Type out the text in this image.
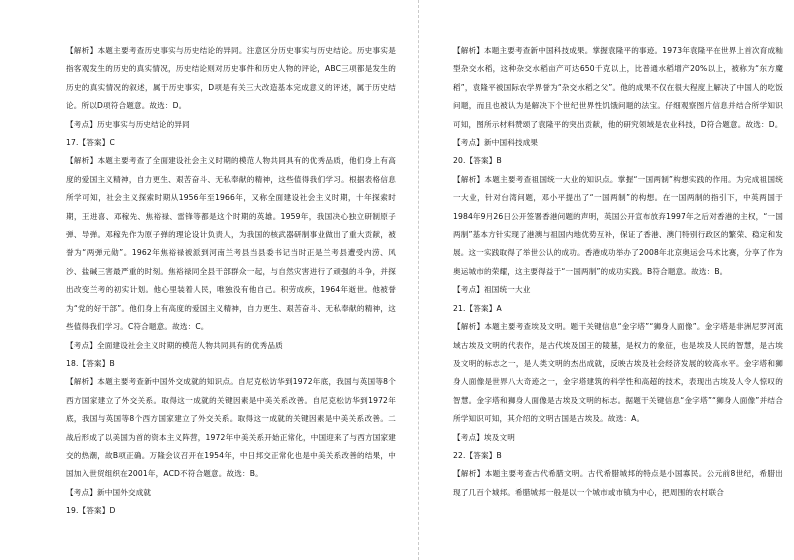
【解析】本题主要考查历史事实与历史结论的异同。注意区分历史事实与历史结论。历史事实是指客观发生的历史的真实情况，历史结论则对历史事件和历史人物的评论，ABC三项都是发生的历史的真实情况的叙述，属于历史事实，D项是有关三大改造基本完成意义的评述，属于历史结论。所以D项符合题意。故选：D。

【考点】历史事实与历史结论的异同

17.【答案】C

【解析】本题主要考查了全面建设社会主义时期的模范人物共同具有的优秀品质，他们身上有高度的爱国主义精神，自力更生、艰苦奋斗、无私奉献的精神，这些值得我们学习。根据表格信息所学可知，社会主义探索时期从1956年至1966年，又称全面建设社会主义时期，十年探索时期，王进喜、邓稼先、焦裕禄、雷锋等都是这个时期的英雄。1959年，我国决心独立研制原子弹、导弹。邓稼先作为原子弹的理论设计负责人，为我国的核武器研制事业做出了重大贡献，被誉为“两弹元勋”。1962年焦裕禄被派到河南兰考县当县委书记当时正是兰考县遭受内涝、风沙、盐碱三害最严重的时刻。焦裕禄同全县干部群众一起，与自然灾害进行了顽强的斗争，并探出改变兰考的初实计划。他心里装着人民，唯独没有他自己。积劳成疾，1964年逝世。他被誉为“党的好干部”。他们身上有高度的爱国主义精神，自力更生、艰苦奋斗、无私奉献的精神，这些值得我们学习。C符合题意。故选：C。

【考点】全面建设社会主义时期的模范人物共同具有的优秀品质

18.【答案】B

【解析】本题主要考查新中国外交成就的知识点。自尼克松访华到1972年底，我国与英国等8个西方国家建立了外交关系。取得这一成就的关键因素是中美关系改善。自尼克松访华到1972年底，我国与英国等8个西方国家建立了外交关系。取得这一成就的关键因素是中美关系改善。二战后形成了以美国为首的资本主义阵营，1972年中美关系开始正常化，中国迎来了与西方国家建交的热潮，故B项正确。万隆会议召开在1954年，中日邦交正常化也是中美关系改善的结果，中国加入世贸组织在2001年，ACD不符合题意。故选：B。

【考点】新中国外交成就

19.【答案】D

【解析】本题主要考查新中国科技成果。掌握袁隆平的事迹。1973年袁隆平在世界上首次育成籼型杂交水稻，这种杂交水稻亩产可达650千克以上，比普通水稻增产20%以上，被称为“东方魔稻”，袁隆平被国际农学界誉为“杂交水稻之父”。他的成果不仅在很大程度上解决了中国人的吃饭问题，而且也被认为是解决下个世纪世界性饥饿问题的法宝。仔细观察图片信息并结合所学知识可知，图所示材料赞颂了袁隆平的突出贡献，他的研究领域是农业科技，D符合题意。故选：D。

【考点】新中国科技成果

20.【答案】B

【解析】本题主要考查祖国统一大业的知识点。掌握“一国两制”构想实践的作用。为完成祖国统一大业，针对台湾问题，邓小平提出了“一国两制”的构想。在一国两制的指引下，中英两国于1984年9月26日公开签署香港问题的声明，英国公开宣布放弃1997年之后对香港的主权，“一国两制”基本方针实现了港澳与祖国内地优势互补，保证了香港、澳门特别行政区的繁荣、稳定和发展。这一实践取得了举世公认的成功。香港成功举办了2008年北京奥运会马术比赛，分享了作为奥运城市的荣耀，这主要得益于“一国两制”的成功实践。B符合题意。故选：B。

【考点】祖国统一大业

21.【答案】A

【解析】本题主要考查埃及文明。题干关键信息“金字塔”“狮身人面像”。金字塔是非洲尼罗河流域古埃及文明的代表作，是古代埃及国王的陵墓，是权力的象征，也是埃及人民的智慧，是古埃及文明的标志之一，是人类文明的杰出成就，反映古埃及社会经济发展的较高水平。金字塔和狮身人面像是世界八大奇迹之一，金字塔建筑的科学性和高超的技术，表现出古埃及人令人惊叹的智慧。金字塔和狮身人面像是古埃及文明的标志。据题干关键信息“金字塔”“狮身人面像”并结合所学知识可知，其介绍的文明古国是古埃及。故选：A。

【考点】埃及文明

22.【答案】B

【解析】本题主要考查古代希腊文明。古代希腊城邦的特点是小国寡民。公元前8世纪，希腊出现了几百个城邦。希腊城邦一般是以一个城市或市镇为中心，把周围的农村联合
